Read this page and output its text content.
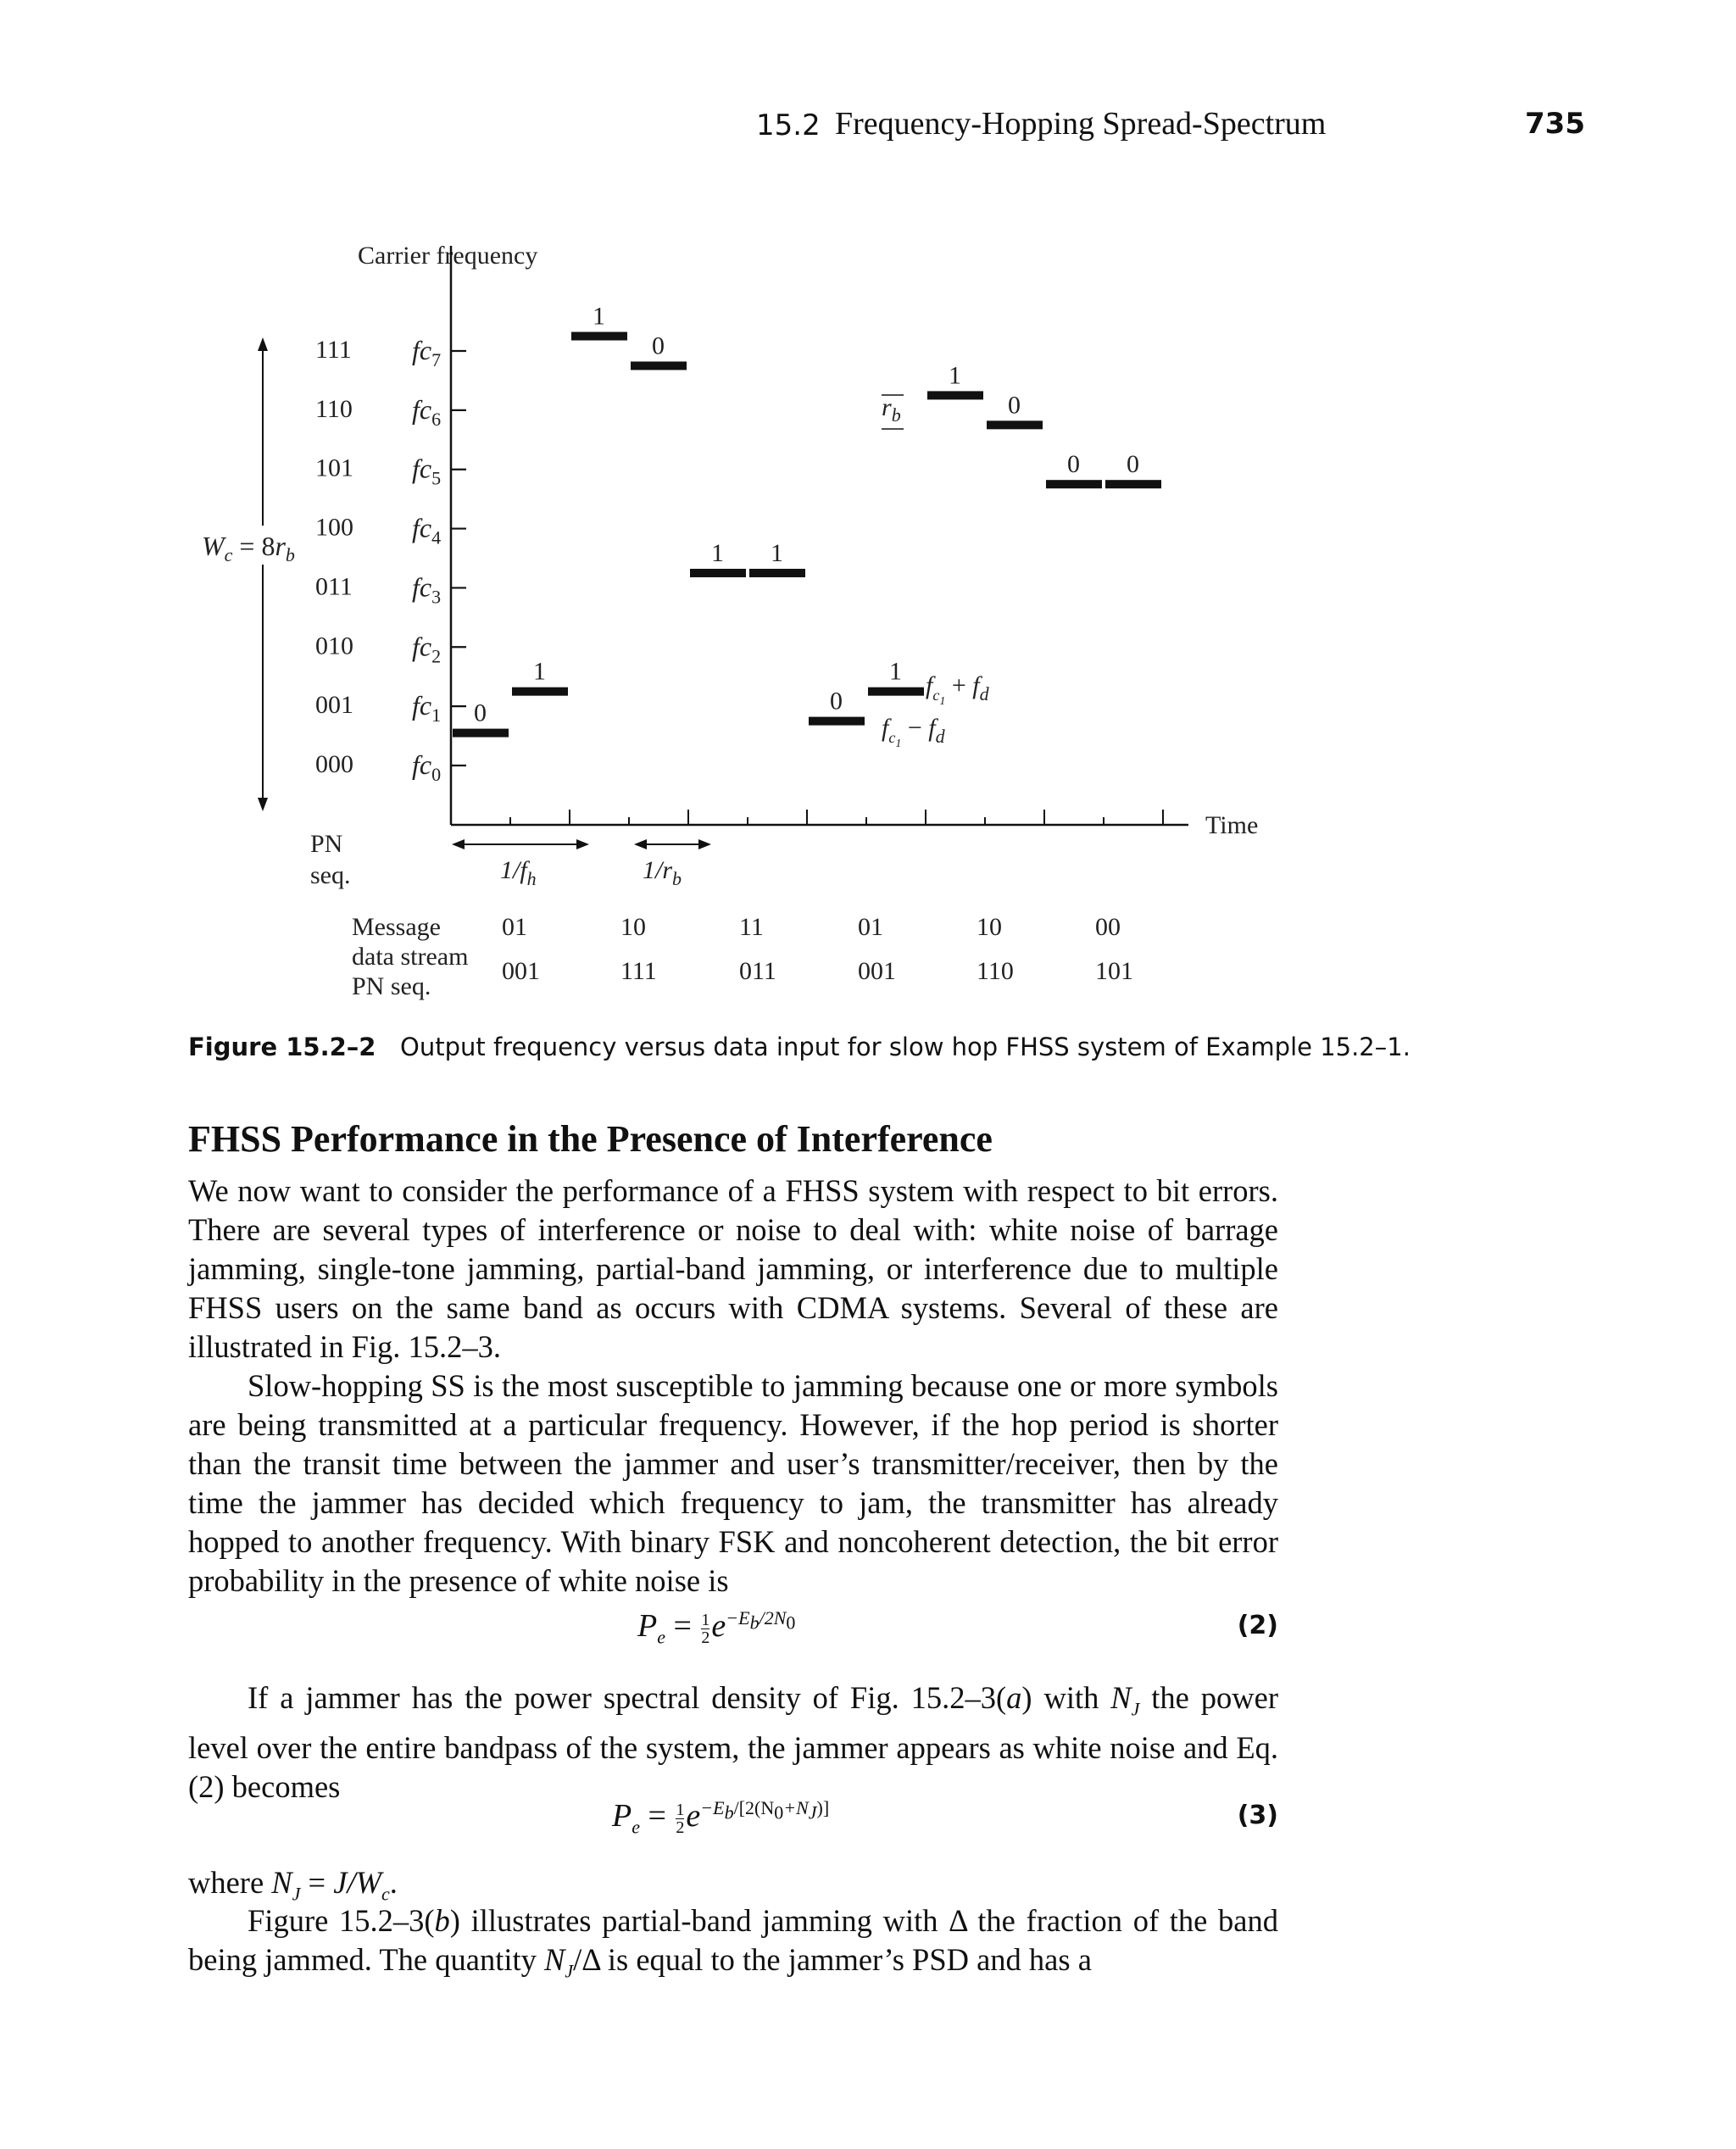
15.2 Frequency-Hopping Spread-Spectrum	735
Carrier frequency
Time
$W_c = 8r_b$
PN
seq.	$1/f_h$	$1/r_b$
$r_b$
$f_c1 + f_d$
$f_c1 - f_d$
Message
data stream
PN seq.
111 $fc_7$
110 $fc_6$
101 $fc_5$
100 $fc_4$
011 $fc_3$
010 $fc_2$
001 $fc_1$
000 $fc_0$
0
1
1
0
1 1
0
1
1
0
0 0
01	10	11	01	10	00
001	111	011	001	110	101
Figure 15.2–2 Output frequency versus data input for slow hop FHSS system of Example 15.2–1.
FHSS Performance in the Presence of Interference
We now want to consider the performance of a FHSS system with respect to bit errors. There are several types of interference or noise to deal with: white noise of barrage jamming, single-tone jamming, partial-band jamming, or interference due to multiple FHSS users on the same band as occurs with CDMA systems. Several of these are illustrated in Fig. 15.2–3.
Slow-hopping SS is the most susceptible to jamming because one or more symbols are being transmitted at a particular frequency. However, if the hop period is shorter than the transit time between the jammer and user’s transmitter/receiver, then by the time the jammer has decided which frequency to jam, the transmitter has already hopped to another frequency. With binary FSK and noncoherent detection, the bit error probability in the presence of white noise is
$P_e = \frac{1}{2} e^{-E_b/2N_0}$	(2)
If a jammer has the power spectral density of Fig. 15.2–3(a) with $N_J$ the power level over the entire bandpass of the system, the jammer appears as white noise and Eq. (2) becomes
$P_e = \frac{1}{2} e^{-E_b/[2(N_0+N_J)]}$	(3)
where $N_J = J/W_c$.
Figure 15.2–3(b) illustrates partial-band jamming with Δ the fraction of the band being jammed. The quantity $N_J/\Delta$ is equal to the jammer’s PSD and has a
